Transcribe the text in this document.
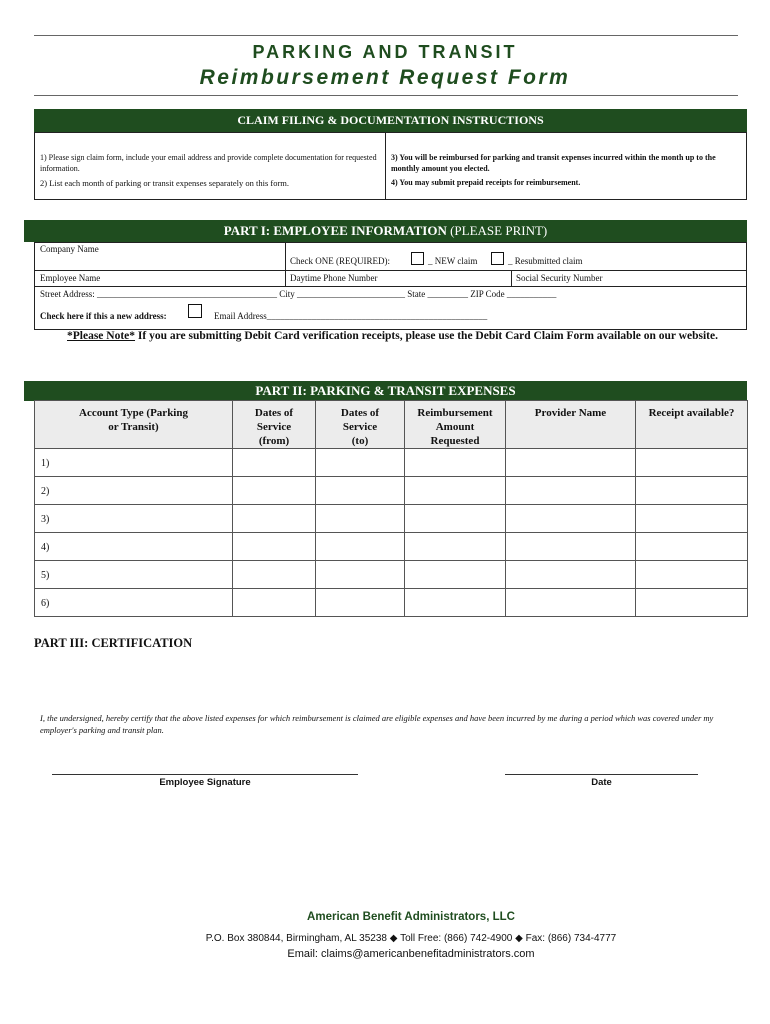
PARKING AND TRANSIT
Reimbursement Request Form
CLAIM FILING & DOCUMENTATION INSTRUCTIONS
1) Please sign claim form, include your email address and provide complete documentation for requested information.
2) List each month of parking or transit expenses separately on this form.
3) You will be reimbursed for parking and transit expenses incurred within the month up to the monthly amount you elected.
4) You may submit prepaid receipts for reimbursement.
PART I: EMPLOYEE INFORMATION (PLEASE PRINT)
Company Name
Check ONE (REQUIRED):	_ NEW claim	_ Resubmitted claim
Employee Name	Daytime Phone Number	Social Security Number
Street Address: ________________________________________ City ________________________ State _________ ZIP Code ___________
Check here if this a new address:	Email Address_________________________________________________
*Please Note* If you are submitting Debit Card verification receipts, please use the Debit Card Claim Form available on our website.
PART II: PARKING & TRANSIT EXPENSES
Account Type (Parking or Transit)	Dates of Service (from)	Dates of Service (to)	Reimbursement Amount Requested	Provider Name	Receipt available?
1)					
2)					
3)					
4)					
5)					
6)					
PART III: CERTIFICATION
I, the undersigned, hereby certify that the above listed expenses for which reimbursement is claimed are eligible expenses and have been incurred by me during a period which was covered under my employer's parking and transit plan.
Employee Signature	Date
American Benefit Administrators, LLC
P.O. Box 380844, Birmingham, AL 35238 ◆ Toll Free: (866) 742-4900 ◆ Fax: (866) 734-4777
Email: claims@americanbenefitadministrators.com
